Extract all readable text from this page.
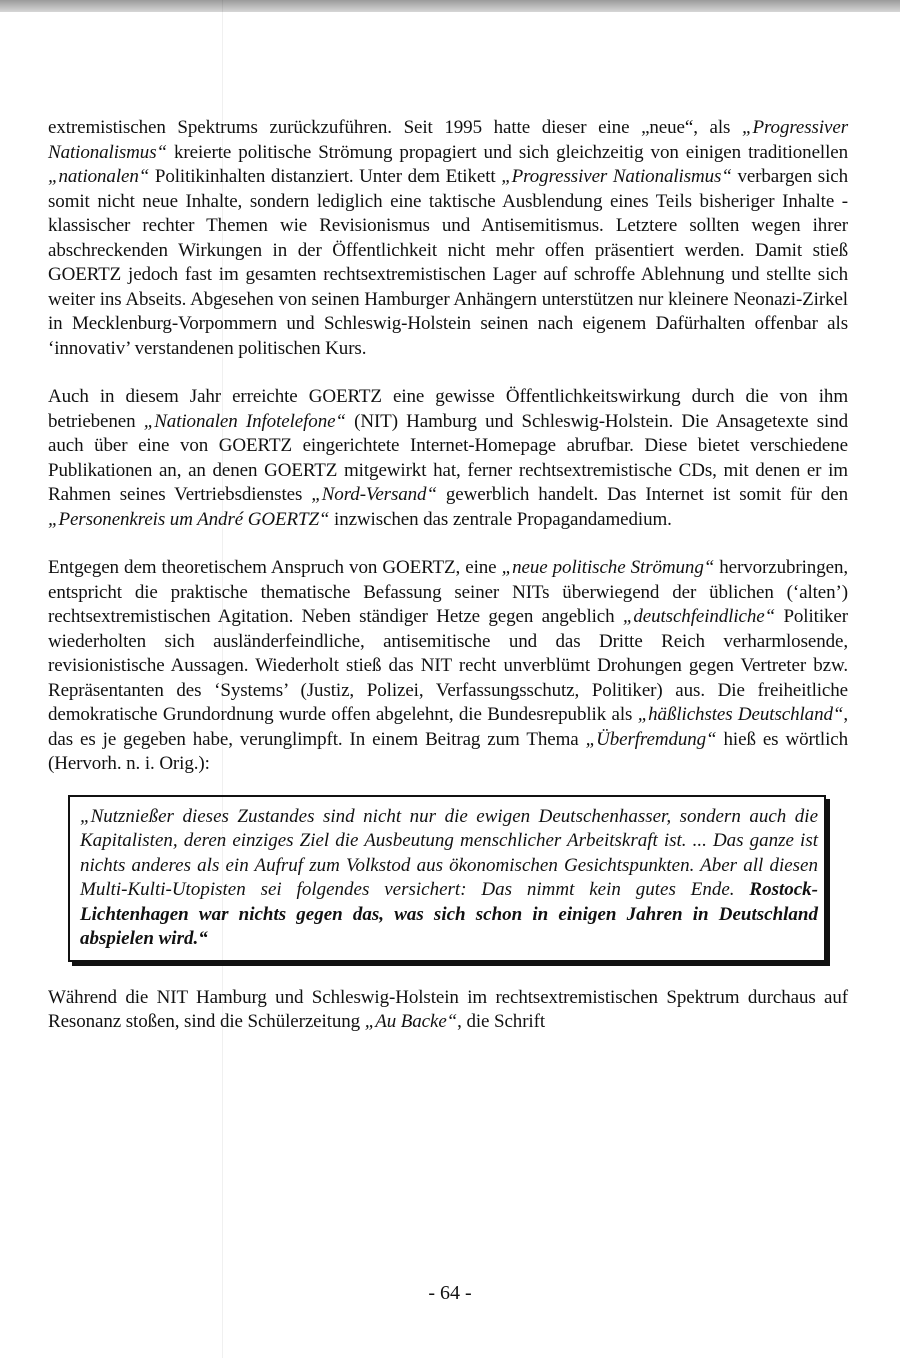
extremistischen Spektrums zurückzuführen. Seit 1995 hatte dieser eine „neue“, als „Progressiver Nationalismus“ kreierte politische Strömung propagiert und sich gleichzeitig von einigen traditionellen „nationalen“ Politikinhalten distanziert. Unter dem Etikett „Progressiver Nationalismus“ verbargen sich somit nicht neue Inhalte, sondern lediglich eine taktische Ausblendung eines Teils bisheriger Inhalte - klassischer rechter Themen wie Revisionismus und Antisemitismus. Letztere sollten wegen ihrer abschreckenden Wirkungen in der Öffentlichkeit nicht mehr offen präsentiert werden. Damit stieß GOERTZ jedoch fast im gesamten rechtsextremistischen Lager auf schroffe Ablehnung und stellte sich weiter ins Abseits. Abgesehen von seinen Hamburger Anhängern unterstützen nur kleinere Neonazi-Zirkel in Mecklenburg-Vorpommern und Schleswig-Holstein seinen nach eigenem Dafürhalten offenbar als ‘innovativ’ verstandenen politischen Kurs.

Auch in diesem Jahr erreichte GOERTZ eine gewisse Öffentlichkeitswirkung durch die von ihm betriebenen „Nationalen Infotelefone“ (NIT) Hamburg und Schleswig-Holstein. Die Ansagetexte sind auch über eine von GOERTZ eingerichtete Internet-Homepage abrufbar. Diese bietet verschiedene Publikationen an, an denen GOERTZ mitgewirkt hat, ferner rechtsextremistische CDs, mit denen er im Rahmen seines Vertriebsdienstes „Nord-Versand“ gewerblich handelt. Das Internet ist somit für den „Personenkreis um André GOERTZ“ inzwischen das zentrale Propagandamedium.

Entgegen dem theoretischem Anspruch von GOERTZ, eine „neue politische Strömung“ hervorzubringen, entspricht die praktische thematische Befassung seiner NITs überwiegend der üblichen (‘alten’) rechtsextremistischen Agitation. Neben ständiger Hetze gegen angeblich „deutschfeindliche“ Politiker wiederholten sich ausländerfeindliche, antisemitische und das Dritte Reich verharmlosende, revisionistische Aussagen. Wiederholt stieß das NIT recht unverblümt Drohungen gegen Vertreter bzw. Repräsentanten des ‘Systems’ (Justiz, Polizei, Verfassungsschutz, Politiker) aus. Die freiheitliche demokratische Grundordnung wurde offen abgelehnt, die Bundesrepublik als „häßlichstes Deutschland“, das es je gegeben habe, verunglimpft. In einem Beitrag zum Thema „Überfremdung“ hieß es wörtlich (Hervorh. n. i. Orig.):

„Nutznießer dieses Zustandes sind nicht nur die ewigen Deutschenhasser, sondern auch die Kapitalisten, deren einziges Ziel die Ausbeutung menschlicher Arbeitskraft ist. ... Das ganze ist nichts anderes als ein Aufruf zum Volkstod aus ökonomischen Gesichtspunkten. Aber all diesen Multi-Kulti-Utopisten sei folgendes versichert: Das nimmt kein gutes Ende. Rostock-Lichtenhagen war nichts gegen das, was sich schon in einigen Jahren in Deutschland abspielen wird.“

Während die NIT Hamburg und Schleswig-Holstein im rechtsextremistischen Spektrum durchaus auf Resonanz stoßen, sind die Schülerzeitung „Au Backe“, die Schrift

- 64 -
